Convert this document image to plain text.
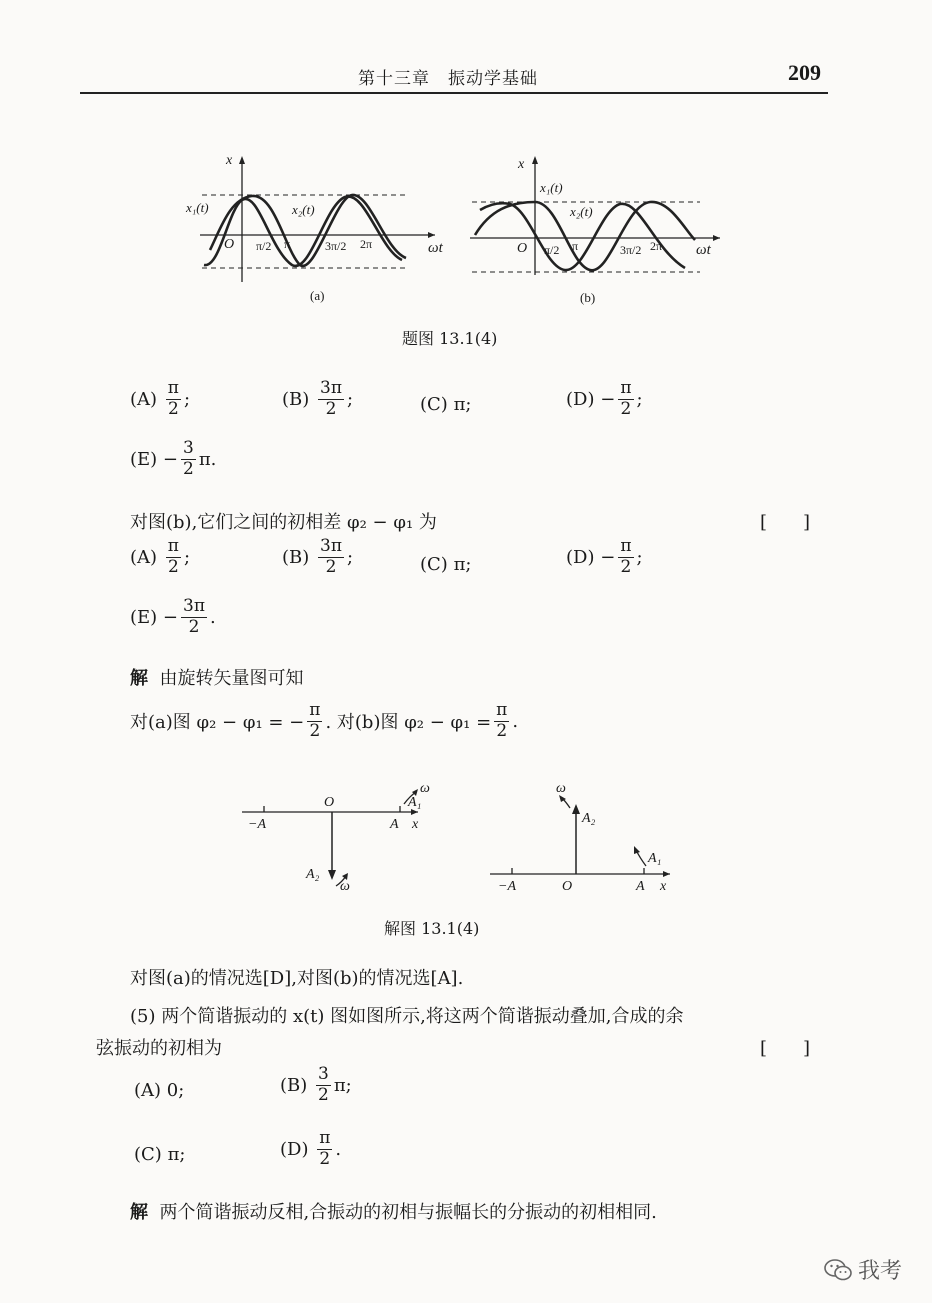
第十三章　振动学基础	209
x
ωt
O
x₁(t)	x₂(t)
π/2 π	3π/2 2π
(a)
x
ωt
O
x₁(t)
x₂(t)
π/2 π	3π/2 2π
(b)
题图 13.1(4)
(A)
$\frac{\pi}{2}$ ;	(B)
$\frac{3\pi}{2}$ ;	(C)
π;	(D)
− $\frac{\pi}{2}$ ;
(E)
− $\frac{3}{2} \pi$.
对图(b),它们之间的初相差 φ₂ − φ₁ 为	[　　]
(A)
$\frac{\pi}{2}$ ;	(B)
$\frac{3\pi}{2}$ ;	(C)
π;	(D)
− $\frac{\pi}{2}$ ;
(E)
− $\frac{3\pi}{2}$ .
解 由旋转矢量图可知
对(a)图 φ₂ − φ₁ = − $\frac{\pi}{2}$ . 对(b)图 $\varphi_2 - \varphi_1 = \frac{\pi}{2}$ .
−A
O
A x
A₁
A₂
ω
ω	−A	O	A x
A₁
A₂
ω
解图 13.1(4)
对图(a)的情况选[D],对图(b)的情况选[A].
(5) 两个简谐振动的 x(t) 图如图所示,将这两个简谐振动叠加,合成的余
弦振动的初相为	[　　]
(A)
0;	(B)
$\frac{3}{2} \pi$;
(C)
π;	(D)
$\frac{\pi}{2}$ .
解 两个简谐振动反相,合振动的初相与振幅长的分振动的初相相同.
我考
